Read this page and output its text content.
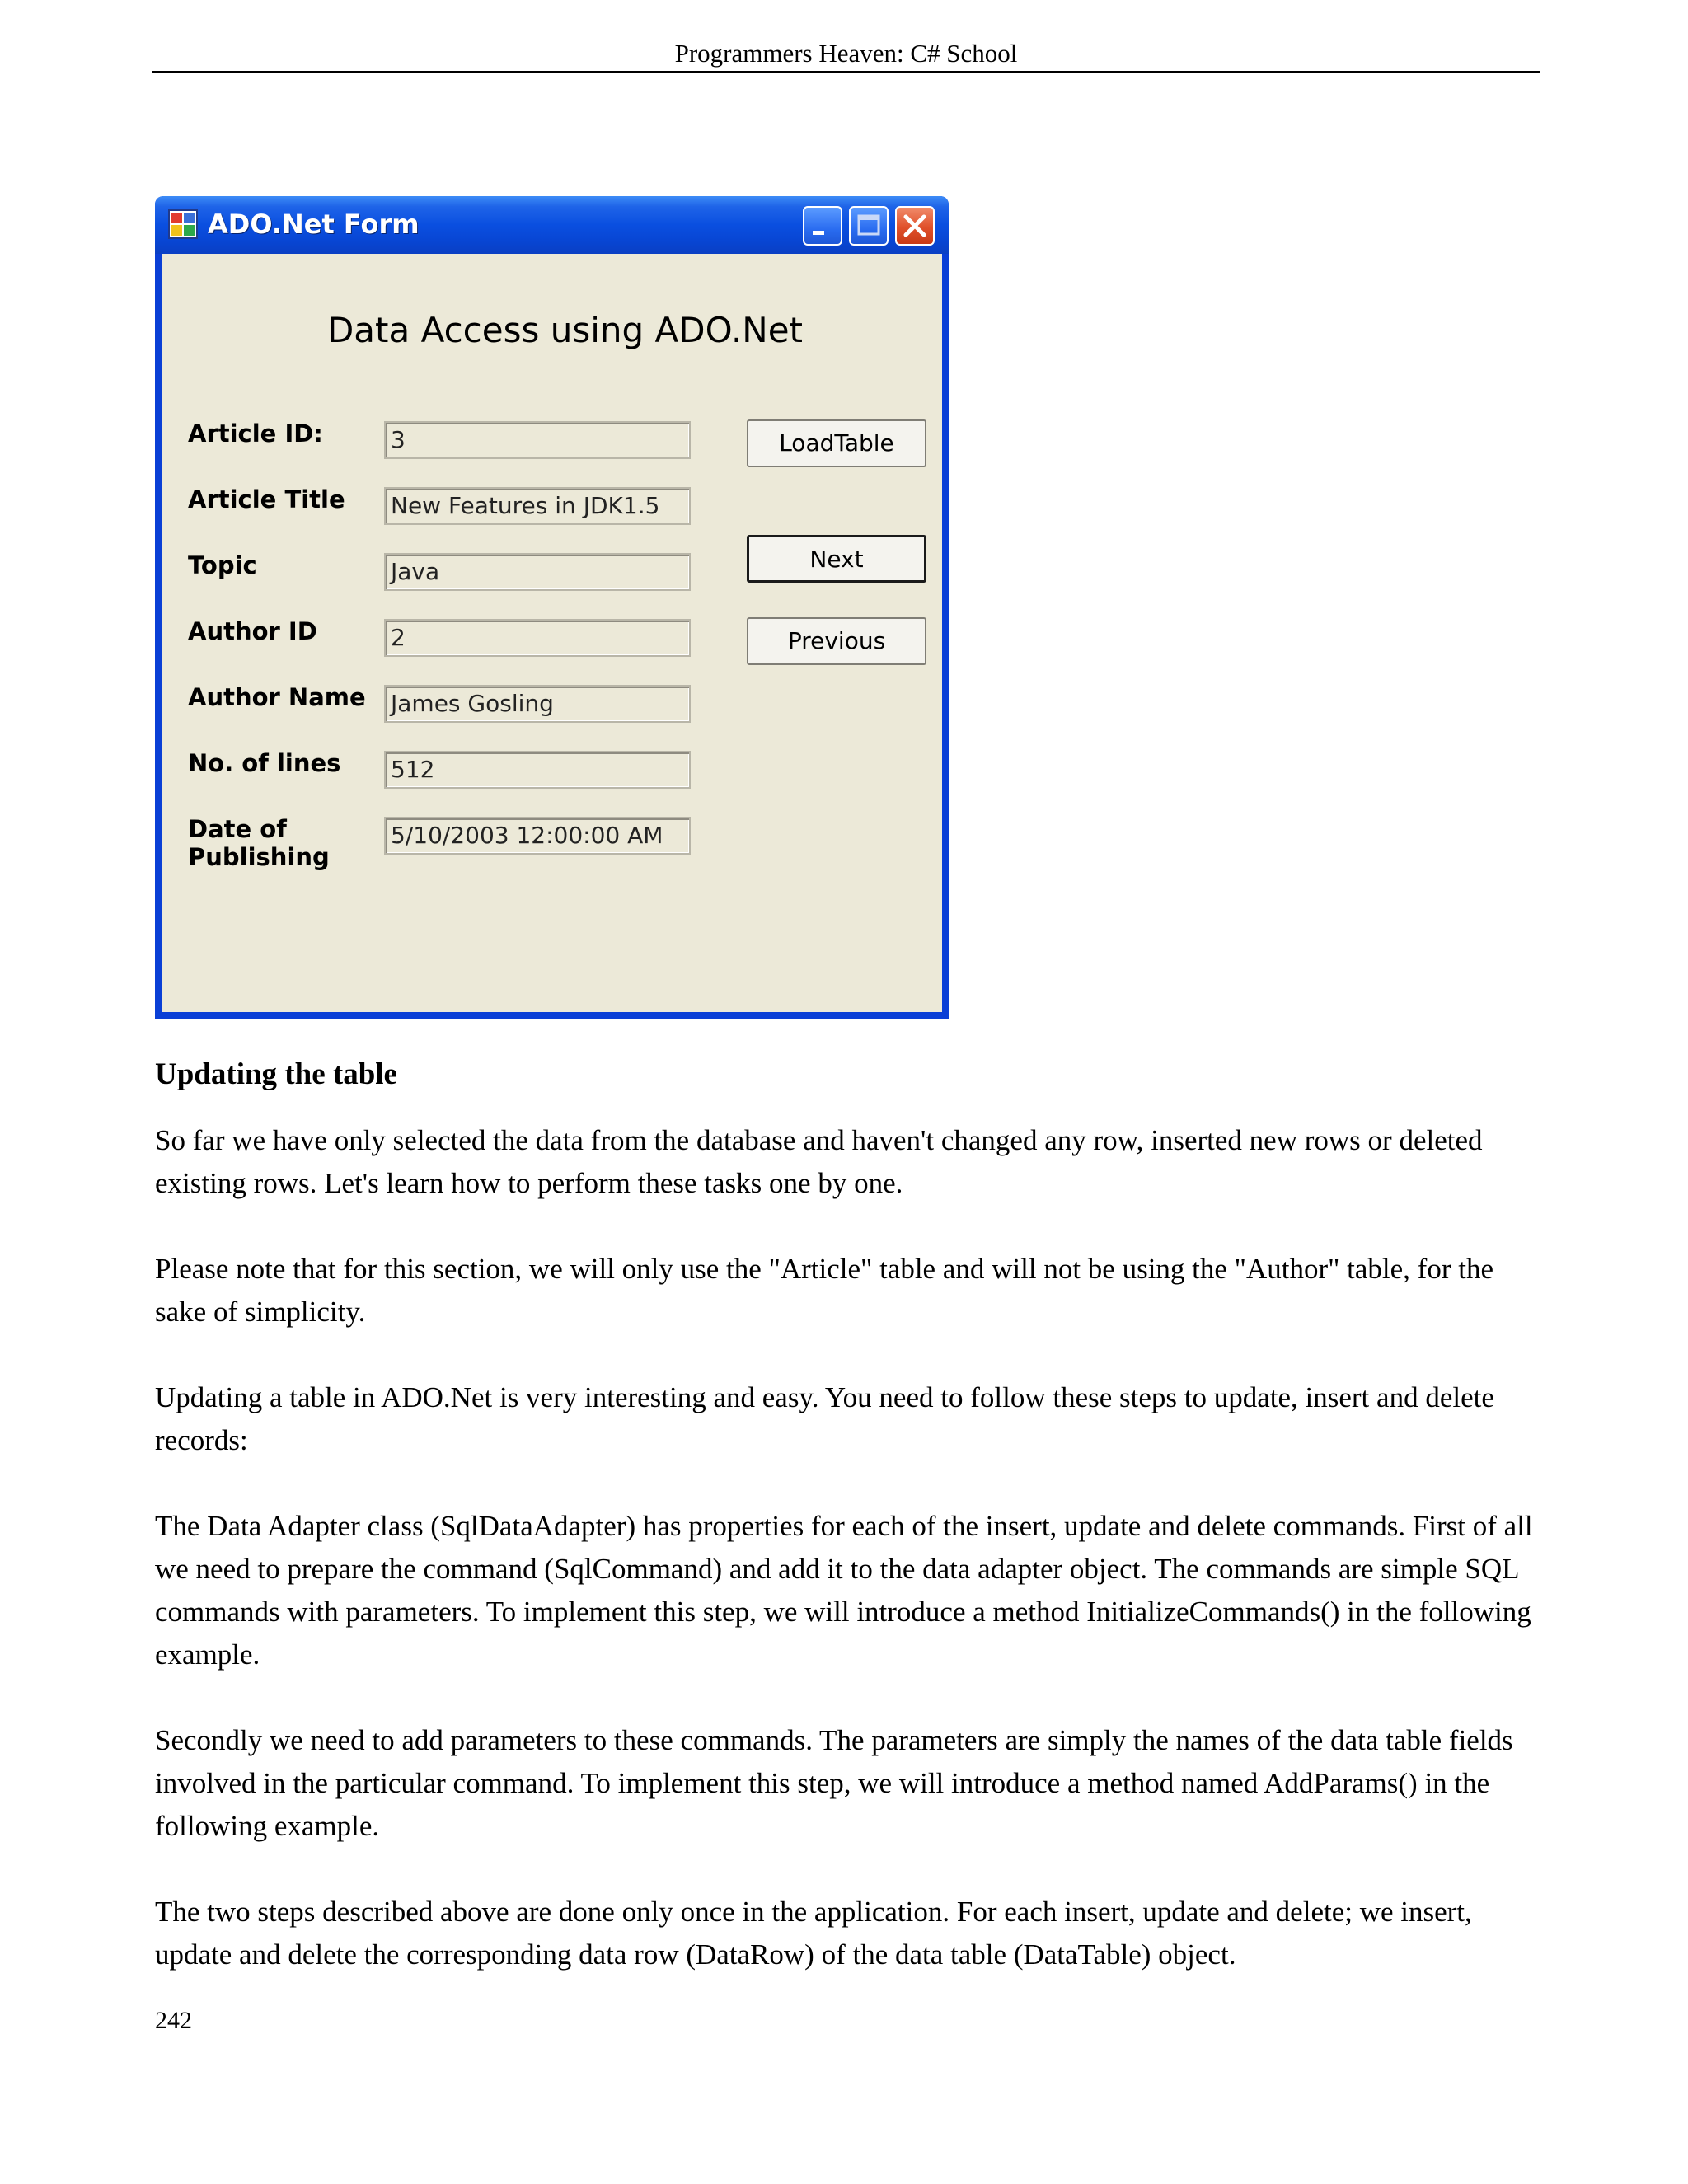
Programmers Heaven: C# School
ADO.Net Form
Data Access using ADO.Net
Article ID:
Article Title
Topic
Author ID
Author Name
No. of lines
Date of
Publishing
3
New Features in JDK1.5
Java
2
James Gosling
512
5/10/2003 12:00:00 AM
LoadTable
Next
Previous
Updating the table

So far we have only selected the data from the database and haven't changed any row, inserted new rows or deleted existing rows. Let's learn how to perform these tasks one by one.

Please note that for this section, we will only use the "Article" table and will not be using the "Author" table, for the sake of simplicity.

Updating a table in ADO.Net is very interesting and easy. You need to follow these steps to update, insert and delete records:

The Data Adapter class (SqlDataAdapter) has properties for each of the insert, update and delete commands. First of all we need to prepare the command (SqlCommand) and add it to the data adapter object. The commands are simple SQL commands with parameters. To implement this step, we will introduce a method InitializeCommands() in the following example.

Secondly we need to add parameters to these commands. The parameters are simply the names of the data table fields involved in the particular command. To implement this step, we will introduce a method named AddParams() in the following example.

The two steps described above are done only once in the application. For each insert, update and delete; we insert, update and delete the corresponding data row (DataRow) of the data table (DataTable) object.

242
